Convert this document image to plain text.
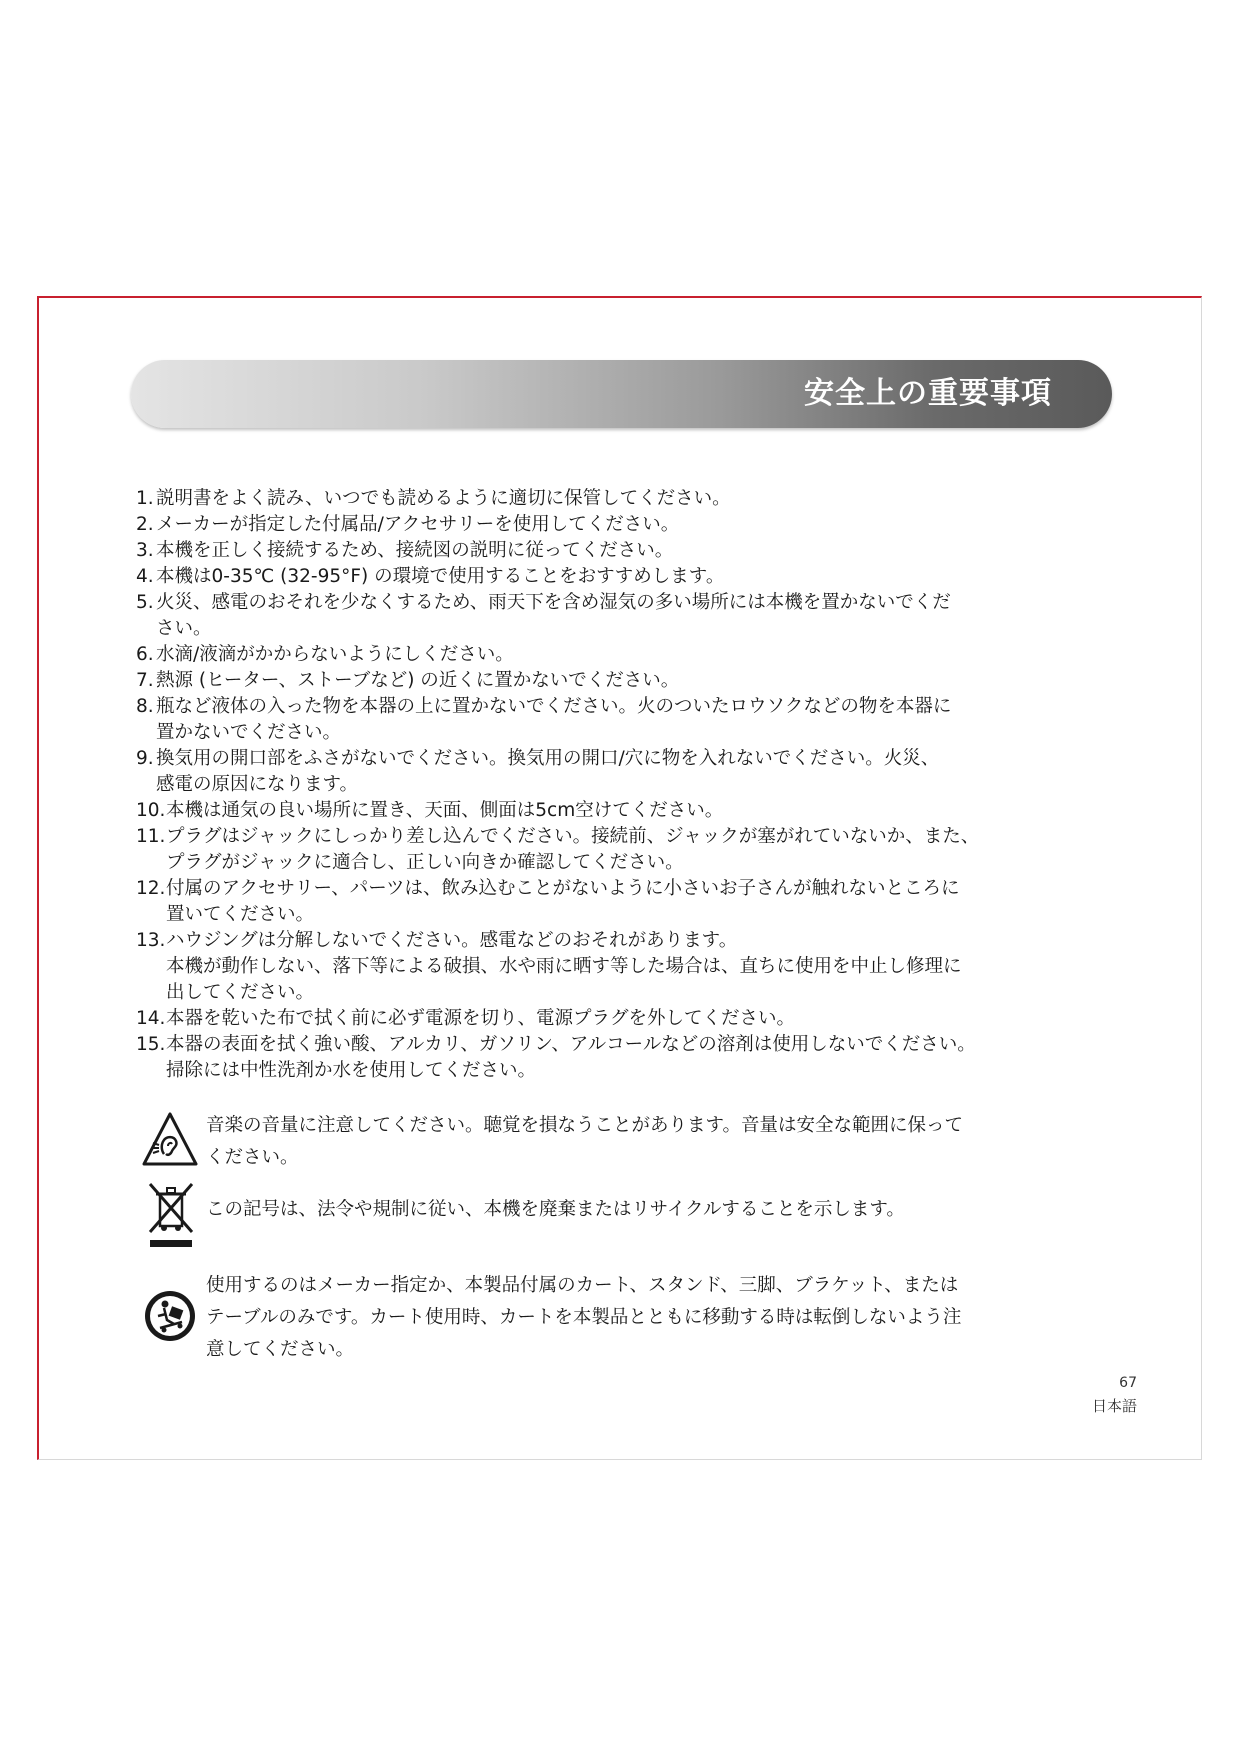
安全上の重要事項
1. 説明書をよく読み、いつでも読めるように適切に保管してください。
2. メーカーが指定した付属品/アクセサリーを使用してください。
3. 本機を正しく接続するため、接続図の説明に従ってください。
4. 本機は0-35℃ (32-95°F) の環境で使用することをおすすめします。
5. 火災、感電のおそれを少なくするため、雨天下を含め湿気の多い場所には本機を置かないでくだ
さい。
6. 水滴/液滴がかからないようにしください。
7. 熱源 (ヒーター、ストーブなど) の近くに置かないでください。
8. 瓶など液体の入った物を本器の上に置かないでください。火のついたロウソクなどの物を本器に
置かないでください。
9. 換気用の開口部をふさがないでください。換気用の開口/穴に物を入れないでください。火災、
感電の原因になります。
10. 本機は通気の良い場所に置き、天面、側面は5cm空けてください。
11. プラグはジャックにしっかり差し込んでください。接続前、ジャックが塞がれていないか、また、
プラグがジャックに適合し、正しい向きか確認してください。
12. 付属のアクセサリー、パーツは、飲み込むことがないように小さいお子さんが触れないところに
置いてください。
13. ハウジングは分解しないでください。感電などのおそれがあります。
本機が動作しない、落下等による破損、水や雨に晒す等した場合は、直ちに使用を中止し修理に
出してください。
14. 本器を乾いた布で拭く前に必ず電源を切り、電源プラグを外してください。
15. 本器の表面を拭く強い酸、アルカリ、ガソリン、アルコールなどの溶剤は使用しないでください。
掃除には中性洗剤か水を使用してください。
音楽の音量に注意してください。聴覚を損なうことがあります。音量は安全な範囲に保って
ください。
この記号は、法令や規制に従い、本機を廃棄またはリサイクルすることを示します。
使用するのはメーカー指定か、本製品付属のカート、スタンド、三脚、ブラケット、または
テーブルのみです。カート使用時、カートを本製品とともに移動する時は転倒しないよう注
意してください。
67
日本語
